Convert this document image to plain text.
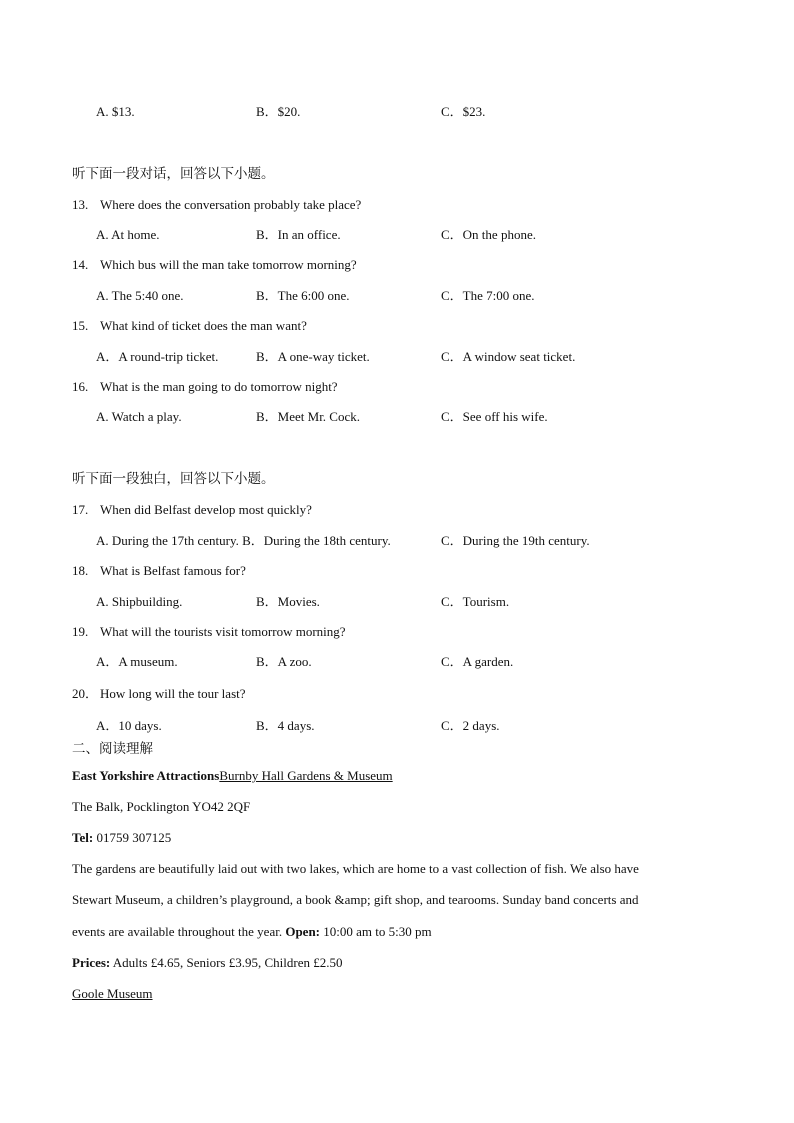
A. $13.	B．$20.	C．$23.
听下面一段对话，回答以下小题。
13. Where does the conversation probably take place?
A. At home.	B．In an office.	C．On the phone.
14. Which bus will the man take tomorrow morning?
A. The 5:40 one.	B．The 6:00 one.	C．The 7:00 one.
15. What kind of ticket does the man want?
A．A round-trip ticket.	B．A one-way ticket.	C．A window seat ticket.
16. What is the man going to do tomorrow night?
A. Watch a play.	B．Meet Mr. Cock.	C．See off his wife.
听下面一段独白，回答以下小题。
17. When did Belfast develop most quickly?
A. During the 17th century. B．During the 18th century.	C．During the 19th century.
18. What is Belfast famous for?
A. Shipbuilding.	B．Movies.	C．Tourism.
19. What will the tourists visit tomorrow morning?
A．A museum.	B．A zoo.	C．A garden.
20． How long will the tour last?
A．10 days.	B．4 days.	C．2 days.
二、阅读理解
East Yorkshire AttractionsBurnby Hall Gardens & Museum
The Balk, Pocklington YO42 2QF
Tel: 01759 307125
The gardens are beautifully laid out with two lakes, which are home to a vast collection of fish. We also have
Stewart Museum, a children’s playground, a book &amp; gift shop, and tearooms. Sunday band concerts and
events are available throughout the year. Open: 10:00 am to 5:30 pm
Prices: Adults £4.65, Seniors £3.95, Children £2.50
Goole Museum
